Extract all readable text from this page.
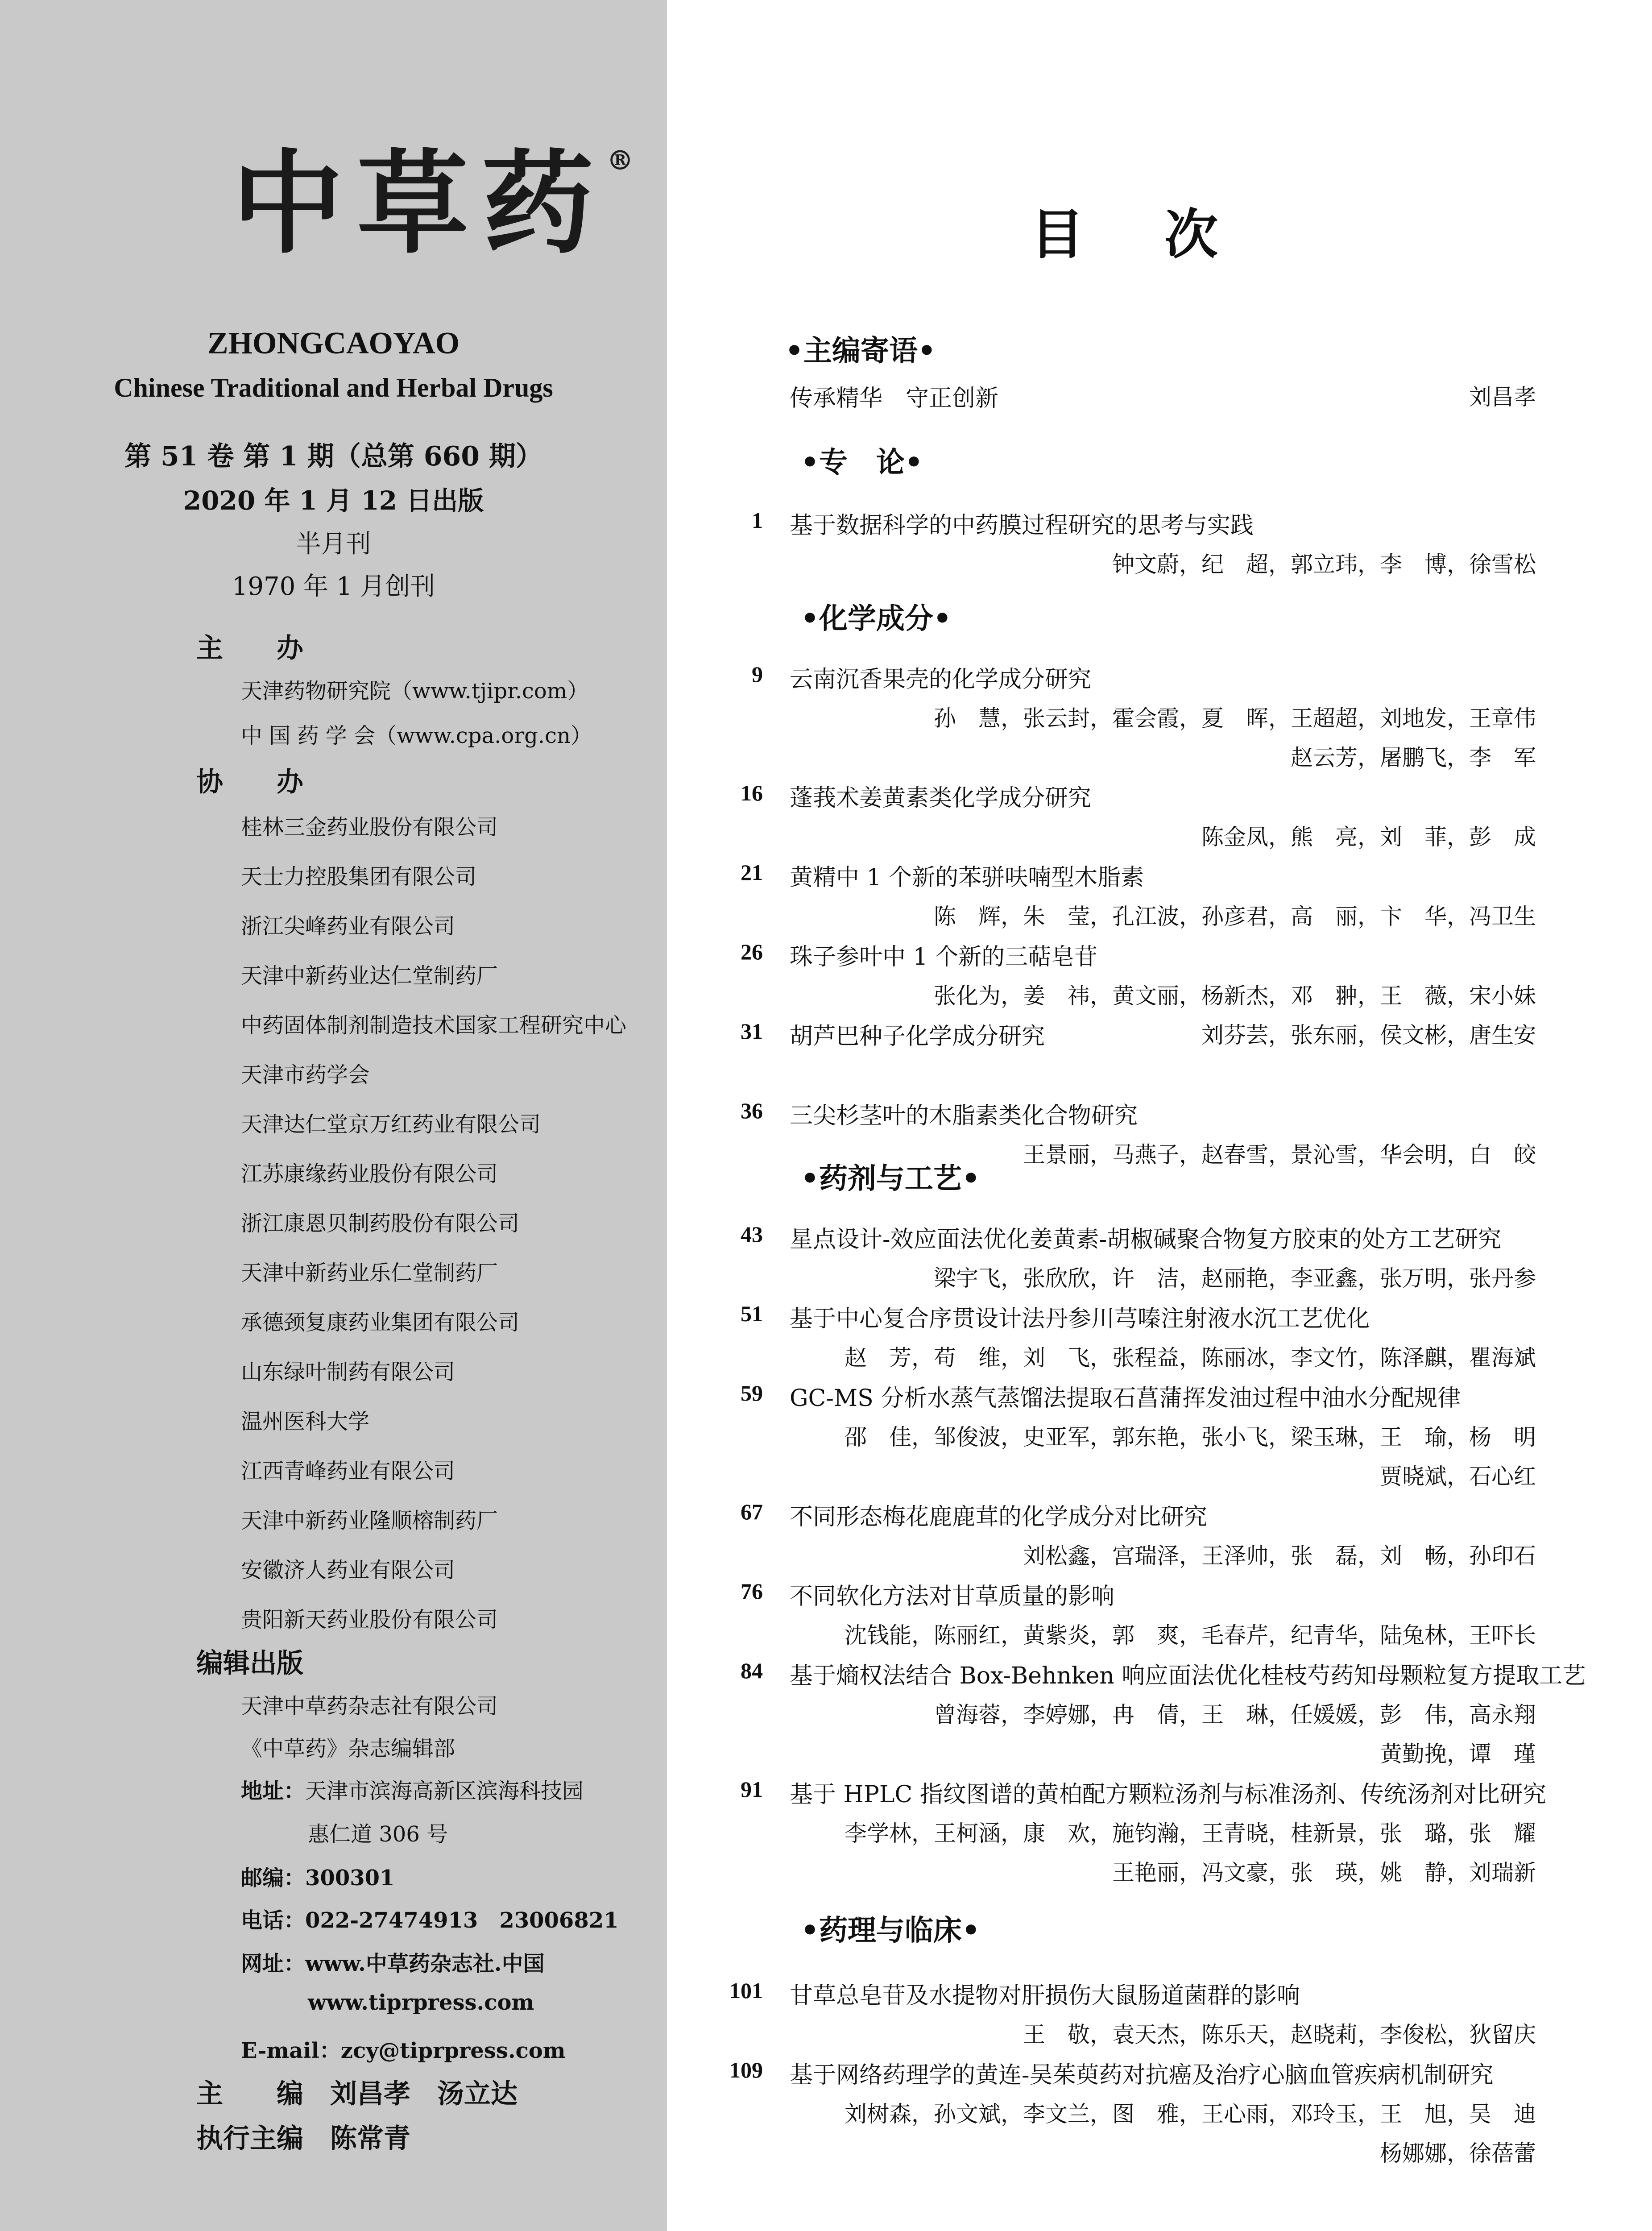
中草药®
ZHONGCAOYAO
Chinese Traditional and Herbal Drugs
第 51 卷 第 1 期（总第 660 期）
2020 年 1 月 12 日出版
半月刊
1970 年 1 月创刊
主　　办
天津药物研究院（www.tjipr.com）
中 国 药 学 会（www.cpa.org.cn）
协　　办
桂林三金药业股份有限公司
天士力控股集团有限公司
浙江尖峰药业有限公司
天津中新药业达仁堂制药厂
中药固体制剂制造技术国家工程研究中心
天津市药学会
天津达仁堂京万红药业有限公司
江苏康缘药业股份有限公司
浙江康恩贝制药股份有限公司
天津中新药业乐仁堂制药厂
承德颈复康药业集团有限公司
山东绿叶制药有限公司
温州医科大学
江西青峰药业有限公司
天津中新药业隆顺榕制药厂
安徽济人药业有限公司
贵阳新天药业股份有限公司
编辑出版
天津中草药杂志社有限公司
《中草药》杂志编辑部
地址：天津市滨海高新区滨海科技园
惠仁道 306 号
邮编：300301
电话：022-27474913　23006821
网址：www.中草药杂志社.中国
www.tiprpress.com
E-mail：zcy@tiprpress.com
主　　编　 刘昌孝　汤立达
执行主编　 陈常青
目次
•主编寄语•
传承精华　守正创新	刘昌孝
•专　论•
1 基于数据科学的中药膜过程研究的思考与实践
钟文蔚，纪　超，郭立玮，李　博，徐雪松
•化学成分•
9 云南沉香果壳的化学成分研究
孙　慧，张云封，霍会霞，夏　晖，王超超，刘地发，王章伟
赵云芳，屠鹏飞，李　军
16 蓬莪术姜黄素类化学成分研究
陈金凤，熊　亮，刘　菲，彭　成
21 黄精中 1 个新的苯骈呋喃型木脂素
陈　辉，朱　莹，孔江波，孙彦君，高　丽，卞　华，冯卫生
26 珠子参叶中 1 个新的三萜皂苷
张化为，姜　祎，黄文丽，杨新杰，邓　翀，王　薇，宋小妹
31 胡芦巴种子化学成分研究	刘芬芸，张东丽，侯文彬，唐生安
36 三尖杉茎叶的木脂素类化合物研究
王景丽，马燕子，赵春雪，景沁雪，华会明，白　皎
•药剂与工艺•
43 星点设计-效应面法优化姜黄素-胡椒碱聚合物复方胶束的处方工艺研究
梁宇飞，张欣欣，许　洁，赵丽艳，李亚鑫，张万明，张丹参
51 基于中心复合序贯设计法丹参川芎嗪注射液水沉工艺优化
赵　芳，苟　维，刘　飞，张程益，陈丽冰，李文竹，陈泽麒，瞿海斌
59 GC-MS 分析水蒸气蒸馏法提取石菖蒲挥发油过程中油水分配规律
邵　佳，邹俊波，史亚军，郭东艳，张小飞，梁玉琳，王　瑜，杨　明
贾晓斌，石心红
67 不同形态梅花鹿鹿茸的化学成分对比研究
刘松鑫，宫瑞泽，王泽帅，张　磊，刘　畅，孙印石
76 不同软化方法对甘草质量的影响
沈钱能，陈丽红，黄紫炎，郭　爽，毛春芹，纪青华，陆兔林，王吓长
84 基于熵权法结合 Box-Behnken 响应面法优化桂枝芍药知母颗粒复方提取工艺
曾海蓉，李婷娜，冉　倩，王　琳，任媛媛，彭　伟，高永翔
黄勤挽，谭　瑾
91 基于 HPLC 指纹图谱的黄柏配方颗粒汤剂与标准汤剂、传统汤剂对比研究
李学林，王柯涵，康　欢，施钧瀚，王青晓，桂新景，张　璐，张　耀
王艳丽，冯文豪，张　瑛，姚　静，刘瑞新
•药理与临床•
101 甘草总皂苷及水提物对肝损伤大鼠肠道菌群的影响
王　敬，袁天杰，陈乐天，赵晓莉，李俊松，狄留庆
109 基于网络药理学的黄连-吴茱萸药对抗癌及治疗心脑血管疾病机制研究
刘树森，孙文斌，李文兰，图　雅，王心雨，邓玲玉，王　旭，吴　迪
杨娜娜，徐蓓蕾
